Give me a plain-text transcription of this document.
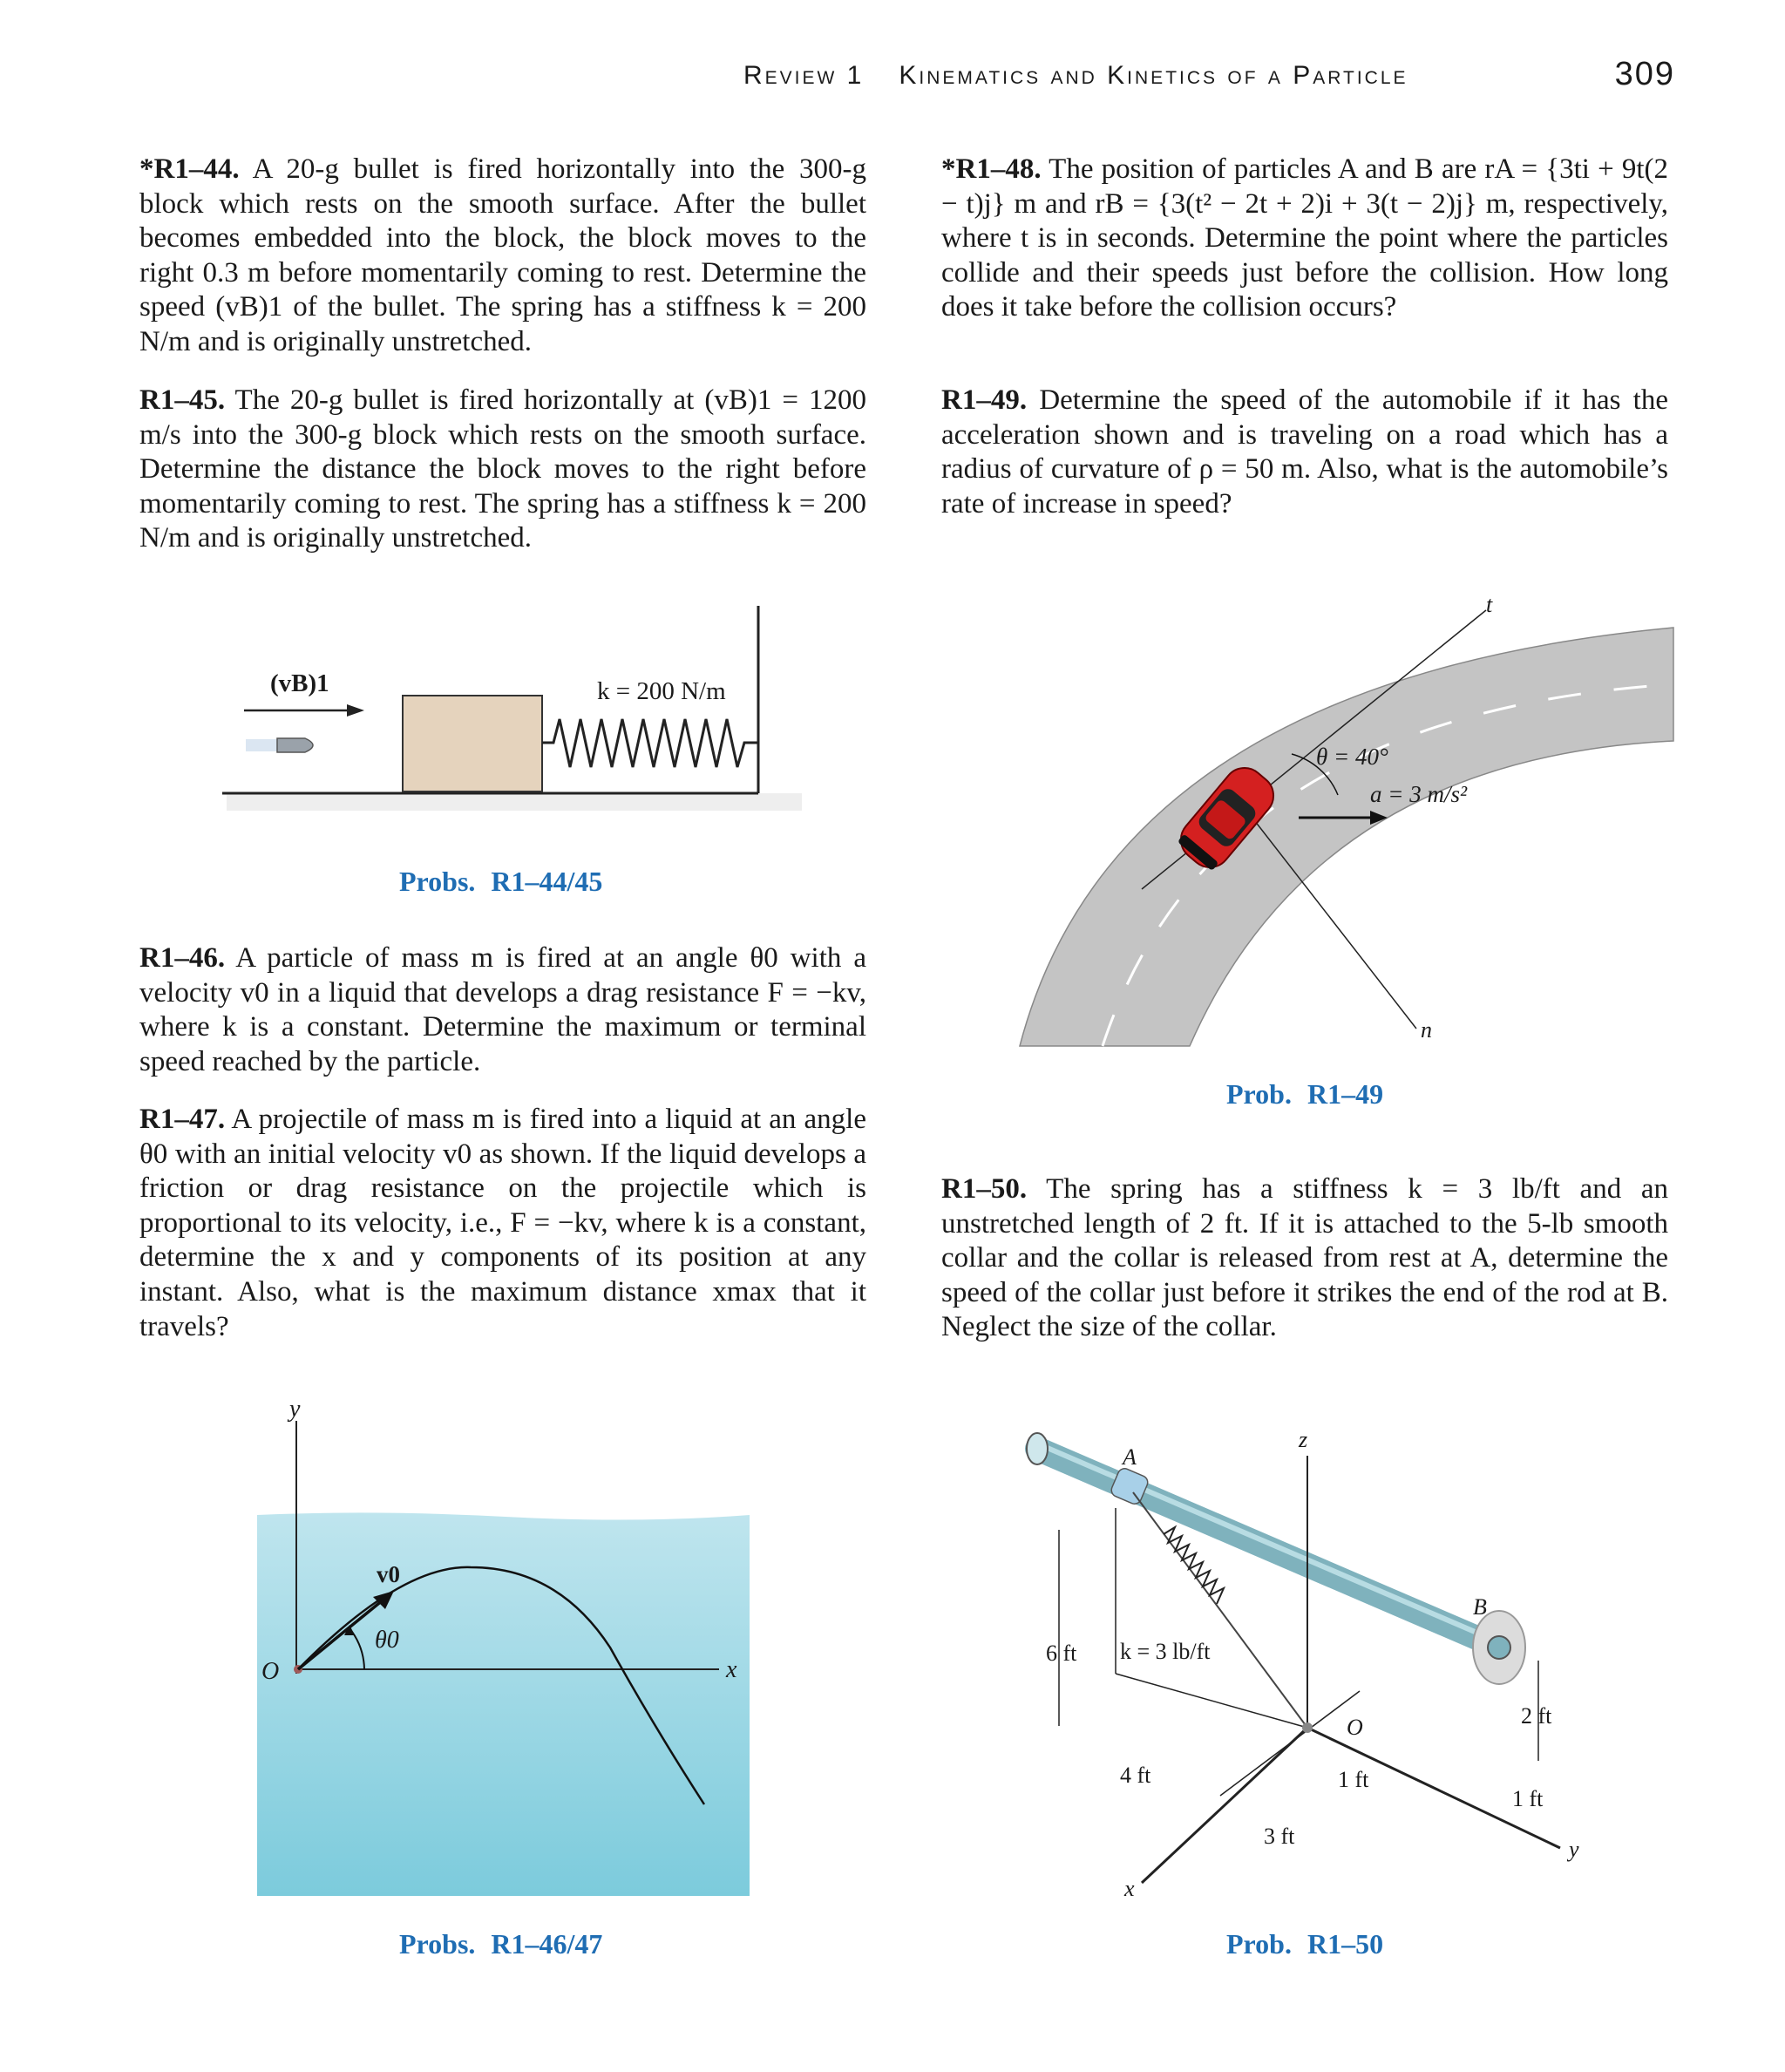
Review 1 Kinematics and Kinetics of a Particle	309

*R1–44. A 20-g bullet is fired horizontally into the 300-g block which rests on the smooth surface. After the bullet becomes embedded into the block, the block moves to the right 0.3 m before momentarily coming to rest. Determine the speed (vB)1 of the bullet. The spring has a stiffness k = 200 N/m and is originally unstretched.

R1–45. The 20-g bullet is fired horizontally at (vB)1 = 1200 m/s into the 300-g block which rests on the smooth surface. Determine the distance the block moves to the right before momentarily coming to rest. The spring has a stiffness k = 200 N/m and is originally unstretched.

R1–46. A particle of mass m is fired at an angle θ0 with a velocity v0 in a liquid that develops a drag resistance F = −kv, where k is a constant. Determine the maximum or terminal speed reached by the particle.

R1–47. A projectile of mass m is fired into a liquid at an angle θ0 with an initial velocity v0 as shown. If the liquid develops a friction or drag resistance on the projectile which is proportional to its velocity, i.e., F = −kv, where k is a constant, determine the x and y components of its position at any instant. Also, what is the maximum distance xmax that it travels?

*R1–48. The position of particles A and B are rA = {3ti + 9t(2 − t)j} m and rB = {3(t² − 2t + 2)i + 3(t − 2)j} m, respectively, where t is in seconds. Determine the point where the particles collide and their speeds just before the collision. How long does it take before the collision occurs?

R1–49. Determine the speed of the automobile if it has the acceleration shown and is traveling on a road which has a radius of curvature of ρ = 50 m. Also, what is the automobile’s rate of increase in speed?

R1–50. The spring has a stiffness k = 3 lb/ft and an unstretched length of 2 ft. If it is attached to the 5-lb smooth collar and the collar is released from rest at A, determine the speed of the collar just before it strikes the end of the rod at B. Neglect the size of the collar.

k = 200 N/m
(vB)1
Probs. R1–44/45
y
x
O
v0
θ0
Probs. R1–46/47
t
n
θ = 40°
a = 3 m/s²
Prob. R1–49
z
x
y
A
B
O
k = 3 lb/ft
6 ft
4 ft
3 ft
1 ft
1 ft
2 ft
Prob. R1–50
